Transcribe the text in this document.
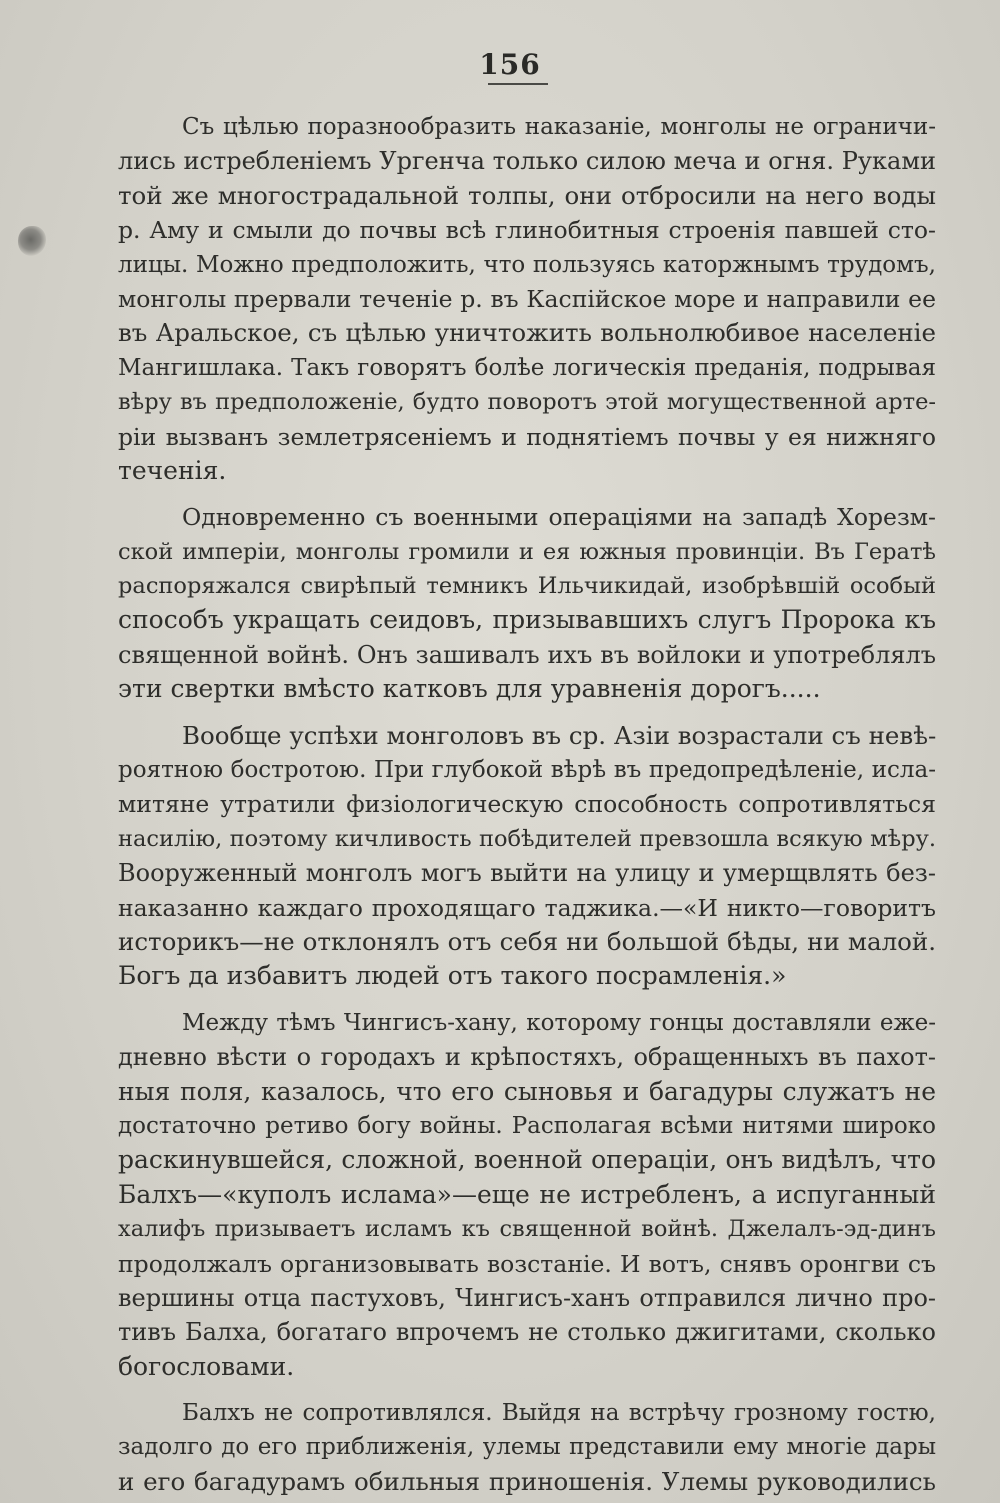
156
Съ цѣлью поразнообразить наказаніе, монголы не ограничи-
лись истребленіемъ Ургенча только силою меча и огня. Руками
той же многострадальной толпы, они отбросили на него воды
р. Аму и смыли до почвы всѣ глинобитныя строенія павшей сто-
лицы. Можно предположить, что пользуясь каторжнымъ трудомъ,
монголы прервали теченіе р. въ Каспійское море и направили ее
въ Аральское, съ цѣлью уничтожить вольнолюбивое населеніе
Мангишлака. Такъ говорятъ болѣе логическія преданія, подрывая
вѣру въ предположеніе, будто поворотъ этой могущественной арте-
ріи вызванъ землетрясеніемъ и поднятіемъ почвы у ея нижняго
теченія.
Одновременно съ военными операціями на западѣ Хорезм-
ской имперіи, монголы громили и ея южныя провинціи. Въ Гератѣ
распоряжался свирѣпый темникъ Ильчикидай, изобрѣвшій особый
способъ укращать сеидовъ, призывавшихъ слугъ Пророка къ
священной войнѣ. Онъ зашивалъ ихъ въ войлоки и употреблялъ
эти свертки вмѣсто катковъ для уравненія дорогъ.....
Вообще успѣхи монголовъ въ ср. Азіи возрастали съ невѣ-
роятною бостротою. При глубокой вѣрѣ въ предопредѣленіе, исла-
митяне утратили физіологическую способность сопротивляться
насилію, поэтому кичливость побѣдителей превзошла всякую мѣру.
Вооруженный монголъ могъ выйти на улицу и умерщвлять без-
наказанно каждаго проходящаго таджика.—«И никто—говоритъ
историкъ—не отклонялъ отъ себя ни большой бѣды, ни малой.
Богъ да избавитъ людей отъ такого посрамленія.»
Между тѣмъ Чингисъ-хану, которому гонцы доставляли еже-
дневно вѣсти о городахъ и крѣпостяхъ, обращенныхъ въ пахот-
ныя поля, казалось, что его сыновья и багадуры служатъ не
достаточно ретиво богу войны. Располагая всѣми нитями широко
раскинувшейся, сложной, военной операціи, онъ видѣлъ, что
Балхъ—«куполъ ислама»—еще не истребленъ, а испуганный
халифъ призываетъ исламъ къ священной войнѣ. Джелалъ-эд-динъ
продолжалъ организовывать возстаніе. И вотъ, снявъ оронгви съ
вершины отца пастуховъ, Чингисъ-ханъ отправился лично про-
тивъ Балха, богатаго впрочемъ не столько джигитами, сколько
богословами.
Балхъ не сопротивлялся. Выйдя на встрѣчу грозному гостю,
задолго до его приближенія, улемы представили ему многіе дары
и его багадурамъ обильныя приношенія. Улемы руководились
